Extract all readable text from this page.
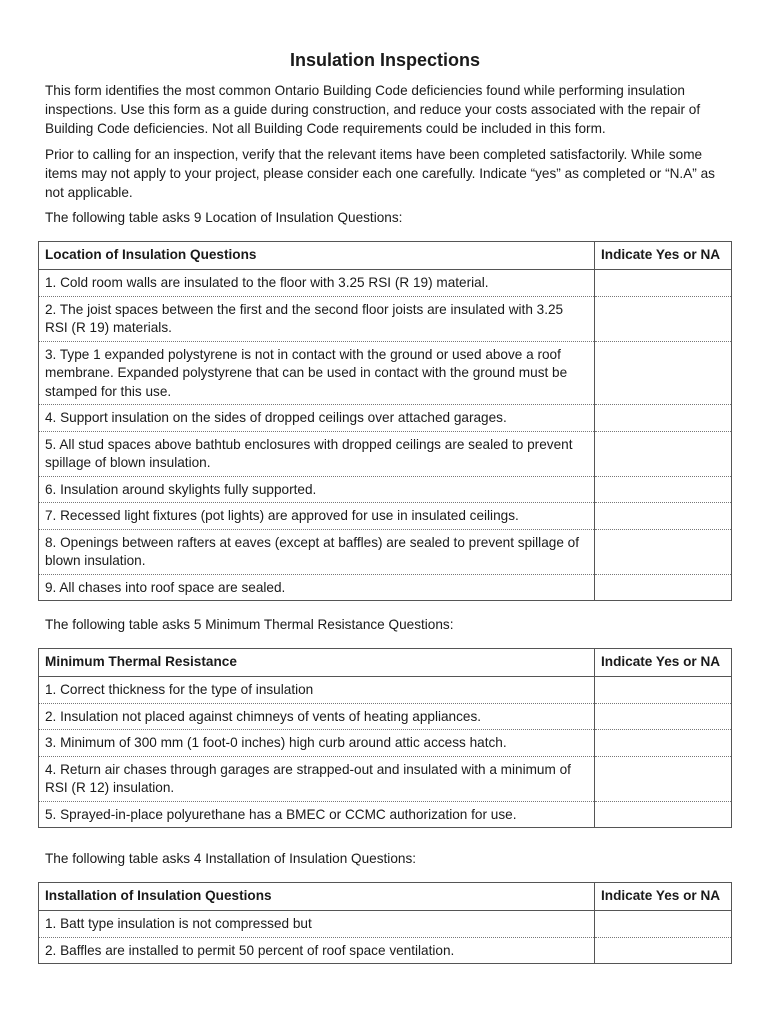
Insulation Inspections

This form identifies the most common Ontario Building Code deficiencies found while performing insulation inspections. Use this form as a guide during construction, and reduce your costs associated with the repair of Building Code deficiencies. Not all Building Code requirements could be included in this form.

Prior to calling for an inspection, verify that the relevant items have been completed satisfactorily. While some items may not apply to your project, please consider each one carefully. Indicate “yes” as completed or “N.A” as not applicable.

The following table asks 9 Location of Insulation Questions:

Location of Insulation Questions	Indicate Yes or NA
1. Cold room walls are insulated to the floor with 3.25 RSI (R 19) material.	
2. The joist spaces between the first and the second floor joists are insulated with 3.25 RSI (R 19) materials.	
3. Type 1 expanded polystyrene is not in contact with the ground or used above a roof membrane. Expanded polystyrene that can be used in contact with the ground must be stamped for this use.	
4. Support insulation on the sides of dropped ceilings over attached garages.	
5. All stud spaces above bathtub enclosures with dropped ceilings are sealed to prevent spillage of blown insulation.	
6. Insulation around skylights fully supported.	
7. Recessed light fixtures (pot lights) are approved for use in insulated ceilings.	
8. Openings between rafters at eaves (except at baffles) are sealed to prevent spillage of blown insulation.	
9. All chases into roof space are sealed.	

The following table asks 5 Minimum Thermal Resistance Questions:

Minimum Thermal Resistance	Indicate Yes or NA
1. Correct thickness for the type of insulation	
2. Insulation not placed against chimneys of vents of heating appliances.	
3. Minimum of 300 mm (1 foot-0 inches) high curb around attic access hatch.	
4. Return air chases through garages are strapped-out and insulated with a minimum of RSI (R 12) insulation.	
5. Sprayed-in-place polyurethane has a BMEC or CCMC authorization for use.	

The following table asks 4 Installation of Insulation Questions:

Installation of Insulation Questions	Indicate Yes or NA
1. Batt type insulation is not compressed but	
2. Baffles are installed to permit 50 percent of roof space ventilation.	
